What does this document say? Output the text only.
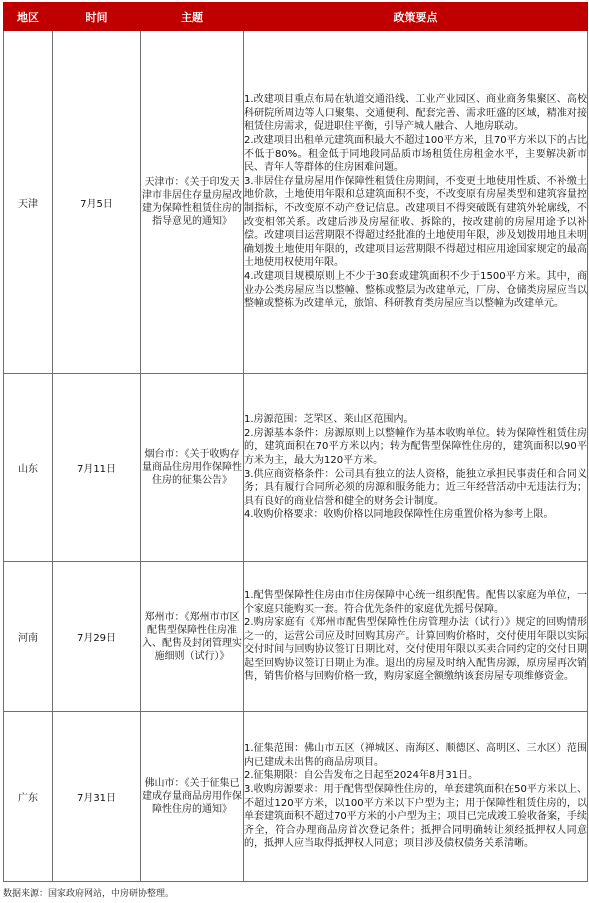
地区	时间	主题	政策要点
天津	7月5日	天津市：《关于印发天津市非居住存量房屋改建为保障性租赁住房的指导意见的通知》	1.改建项目重点布局在轨道交通沿线、工业产业园区、商业商务集聚区、高校科研院所周边等人口聚集、交通便利、配套完善、需求旺盛的区域，精准对接租赁住房需求，促进职住平衡，引导产城人融合、人地房联动。

2.改建项目出租单元建筑面积最大不超过100平方米，且70平方米以下的占比不低于80%。租金低于同地段同品质市场租赁住房租金水平，主要解决新市民、青年人等群体的住房困难问题。

3.非居住存量房屋用作保障性租赁住房期间，不变更土地使用性质、不补缴土地价款，土地使用年限和总建筑面积不变，不改变原有房屋类型和建筑容量控制指标，不改变原不动产登记信息。改建项目不得突破既有建筑外轮廓线，不改变相邻关系。改建后涉及房屋征收、拆除的，按改建前的房屋用途予以补偿。改建项目运营期限不得超过经批准的土地使用年限，涉及划拨用地且未明确划拨土地使用年限的，改建项目运营期限不得超过相应用途国家规定的最高土地使用权使用年限。

4.改建项目规模原则上不少于30套或建筑面积不少于1500平方米。其中，商业办公类房屋应当以整幢、整栋或整层为改建单元，厂房、仓储类房屋应当以整幢或整栋为改建单元，旅馆、科研教育类房屋应当以整幢为改建单元。

山东	7月11日	烟台市：《关于收购存量商品住房用作保障性住房的征集公告》	1.房源范围：芝罘区、莱山区范围内。

2.房源基本条件：房源原则上以整幢作为基本收购单位。转为保障性租赁住房的，建筑面积在70平方米以内；转为配售型保障性住房的，建筑面积以90平方米为主，最大为120平方米。

3.供应商资格条件：公司具有独立的法人资格，能独立承担民事责任和合同义务；具有履行合同所必须的房源和服务能力；近三年经营活动中无违法行为；具有良好的商业信誉和健全的财务会计制度。

4.收购价格要求：收购价格以同地段保障性住房重置价格为参考上限。

河南	7月29日	郑州市：《郑州市市区配售型保障性住房准入、配售及封闭管理实施细则（试行）》	1.配售型保障性住房由市住房保障中心统一组织配售。配售以家庭为单位，一个家庭只能购买一套。符合优先条件的家庭优先摇号保障。

2.购房家庭有《郑州市配售型保障性住房管理办法（试行）》规定的回购情形之一的，运营公司应及时回购其房产。计算回购价格时，交付使用年限以实际交付时间与回购协议签订日期比对，交付使用年限以买卖合同约定的交付日期起至回购协议签订日期止为准。退出的房屋及时纳入配售房源，原房屋再次销售，销售价格与回购价格一致，购房家庭全额缴纳该套房屋专项维修资金。

广东	7月31日	佛山市：《关于征集已建成存量商品房用作保障性住房的通知》	1.征集范围：佛山市五区（禅城区、南海区、顺德区、高明区、三水区）范围内已建成未出售的商品房项目。

2.征集期限：自公告发布之日起至2024年8月31日。

3.收购房源要求：用于配售型保障性住房的，单套建筑面积在50平方米以上、不超过120平方米，以100平方米以下户型为主；用于保障性租赁住房的，以单套建筑面积不超过70平方米的小户型为主；项目已完成竣工验收备案，手续齐全，符合办理商品房首次登记条件；抵押合同明确转让须经抵押权人同意的，抵押人应当取得抵押权人同意；项目涉及债权债务关系清晰。

数据来源：国家政府网站，中房研协整理。
